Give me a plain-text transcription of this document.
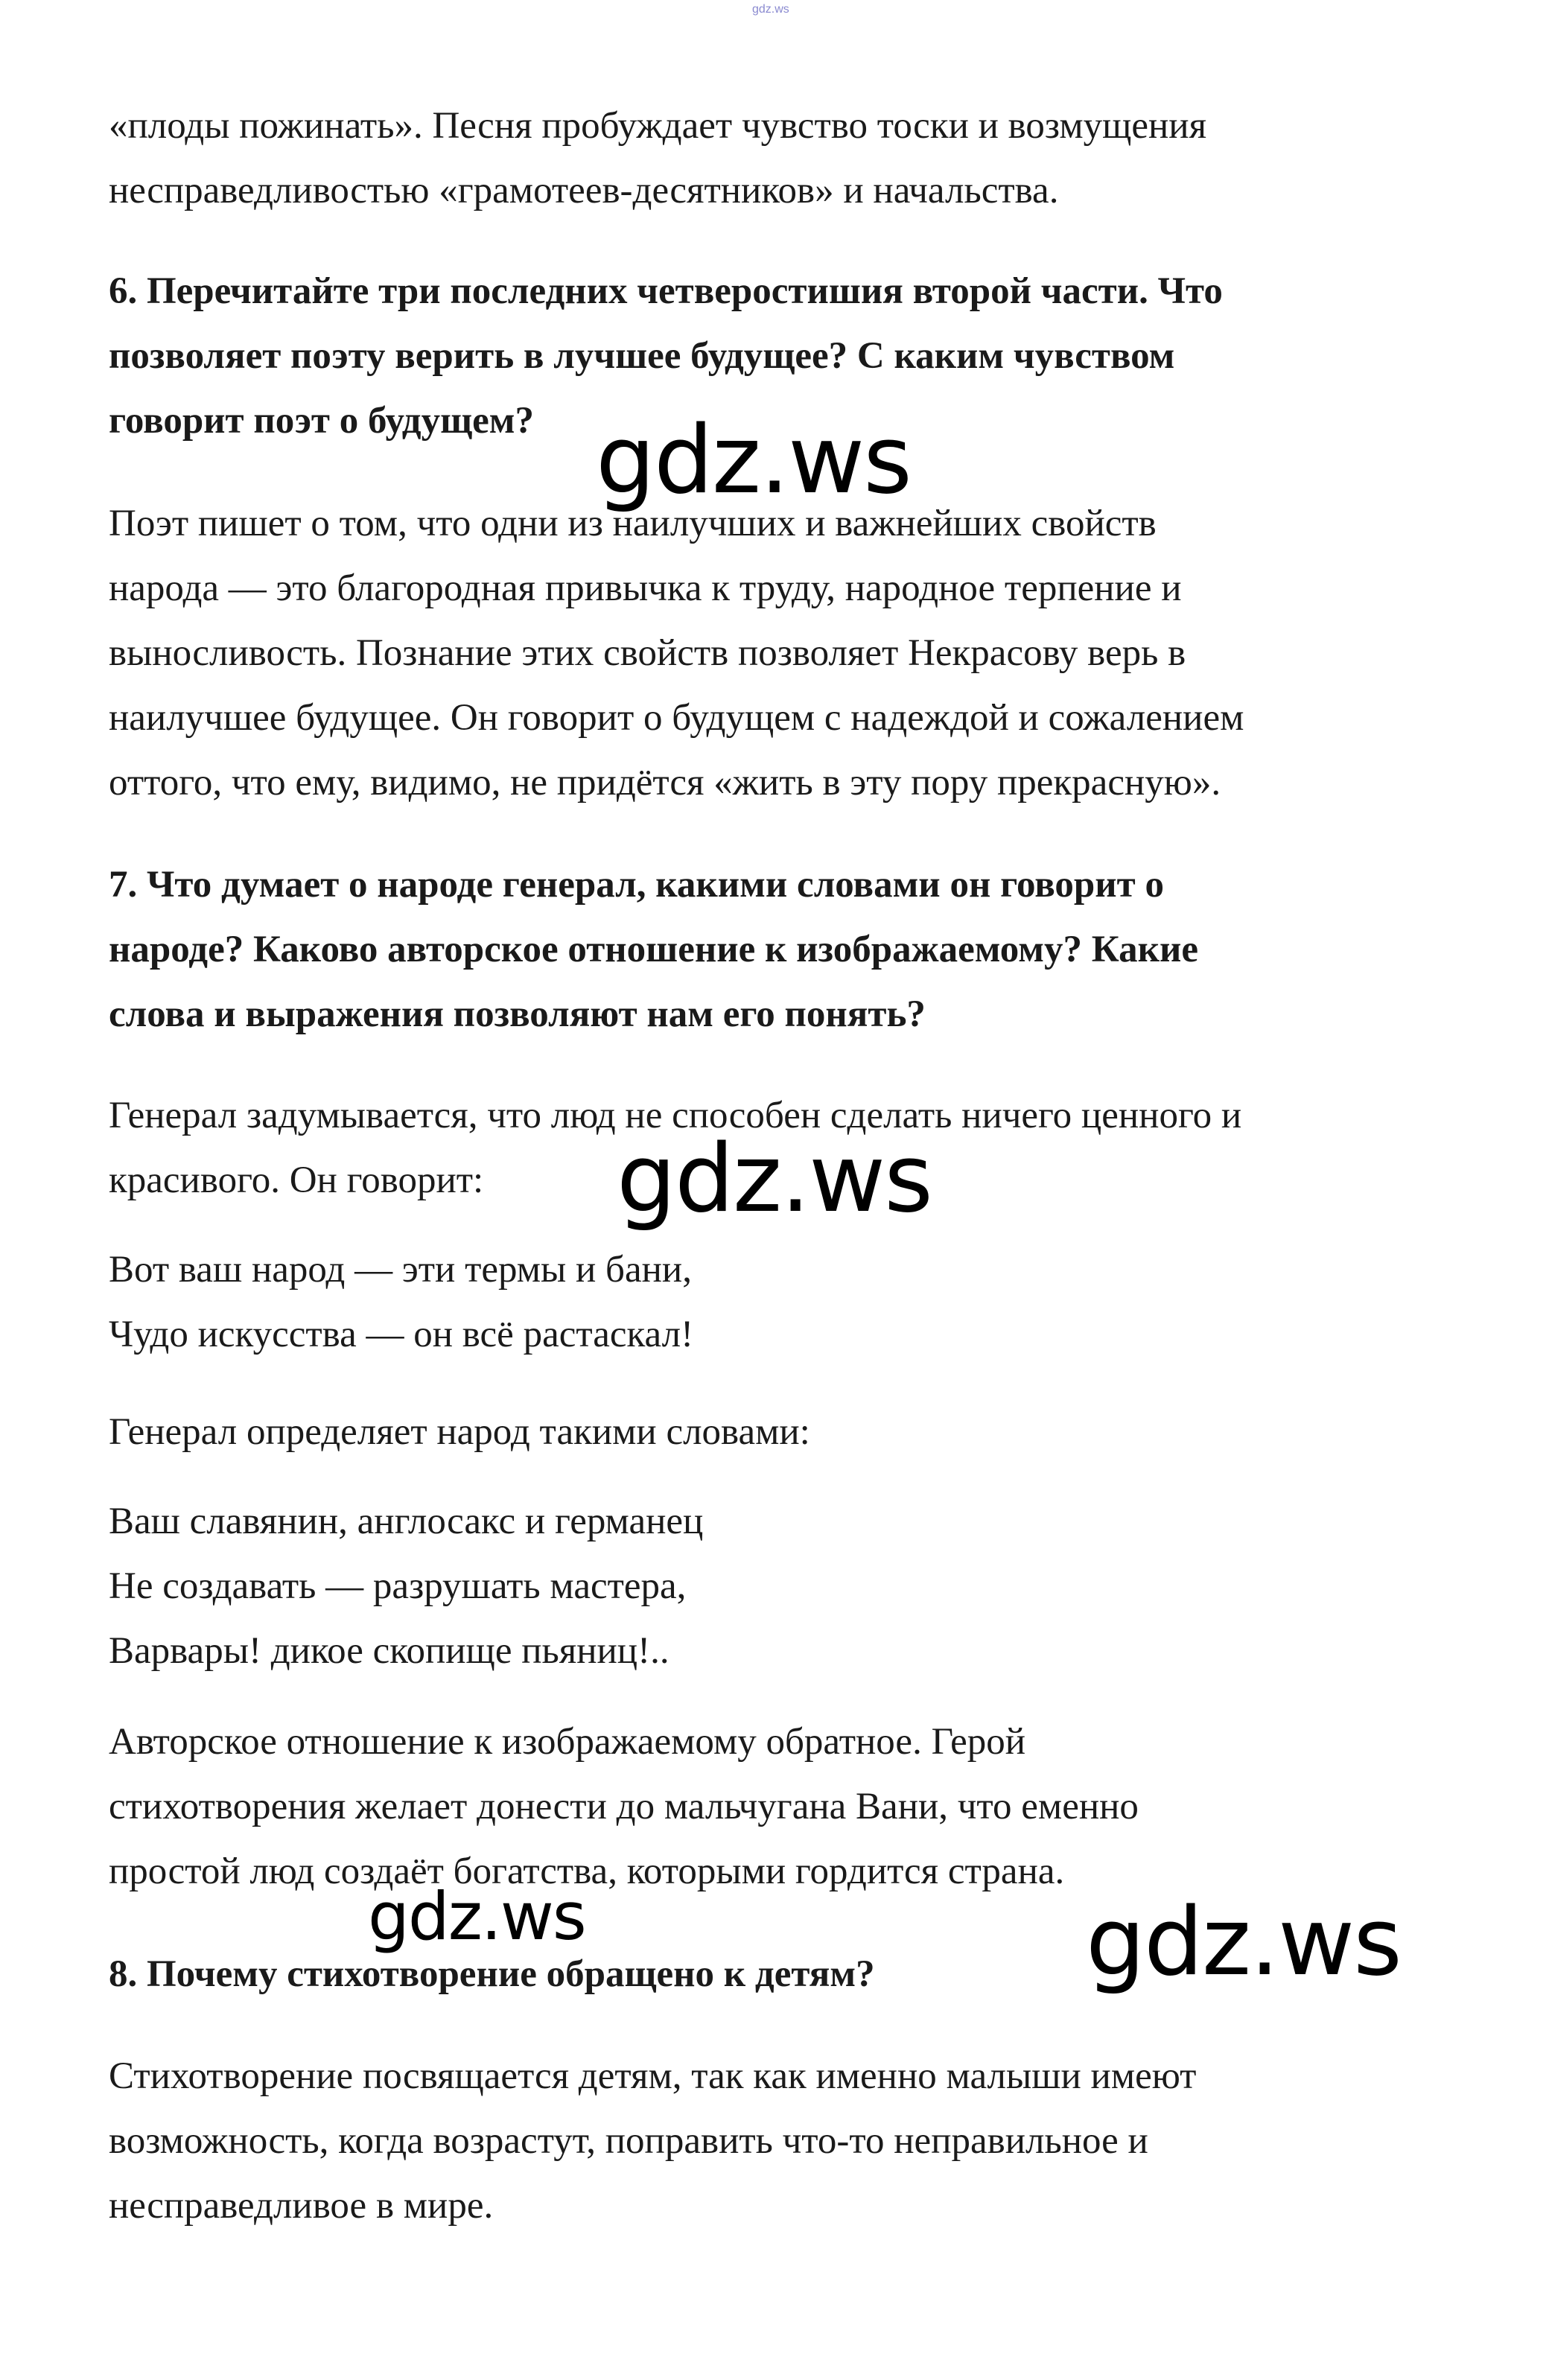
gdz.ws

«плоды пожинать». Песня пробуждает чувство тоски и возмущения
несправедливостью «грамотеев-десятников» и начальства.

6. Перечитайте три последних четверостишия второй части. Что
позволяет поэту верить в лучшее будущее? С каким чувством
говорит поэт о будущем?

Поэт пишет о том, что одни из наилучших и важнейших свойств
народа — это благородная привычка к труду, народное терпение и
выносливость. Познание этих свойств позволяет Некрасову верь в
наилучшее будущее. Он говорит о будущем с надеждой и сожалением
оттого, что ему, видимо, не придётся «жить в эту пору прекрасную».

7. Что думает о народе генерал, какими словами он говорит о
народе? Каково авторское отношение к изображаемому? Какие
слова и выражения позволяют нам его понять?

Генерал задумывается, что люд не способен сделать ничего ценного и
красивого. Он говорит:

Вот ваш народ — эти термы и бани,
Чудо искусства — он всё растаскал!

Генерал определяет народ такими словами:

Ваш славянин, англосакс и германец
Не создавать — разрушать мастера,
Варвары! дикое скопище пьяниц!..

Авторское отношение к изображаемому обратное. Герой
стихотворения желает донести до мальчугана Вани, что еменно
простой люд создаёт богатства, которыми гордится страна.

8. Почему стихотворение обращено к детям?

Стихотворение посвящается детям, так как именно малыши имеют
возможность, когда возрастут, поправить что-то неправильное и
несправедливое в мире.

gdz.ws
gdz.ws
gdz.ws	gdz.ws
